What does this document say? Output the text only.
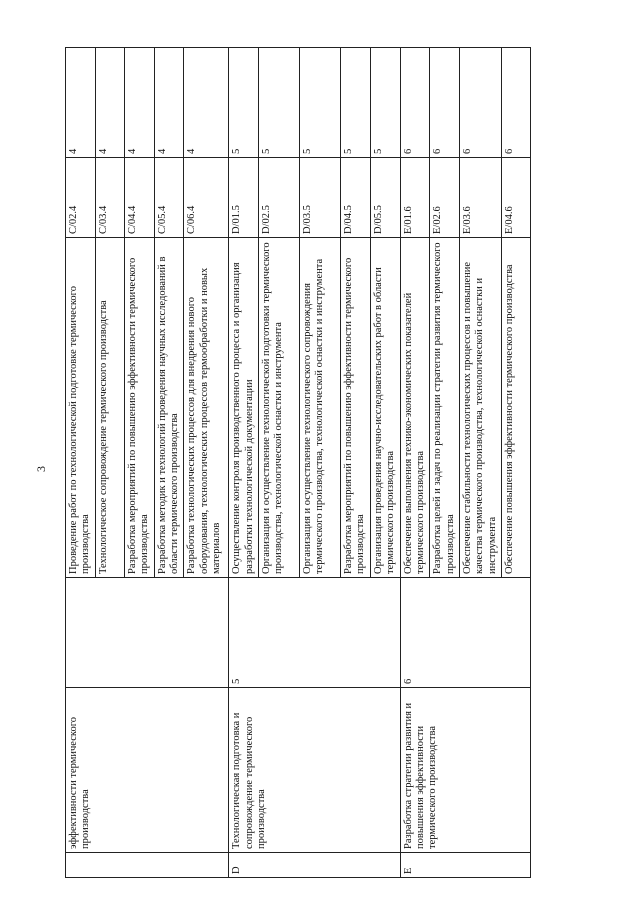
3
	эффективности термического производства		Проведение работ по технологической подготовке термического производства	C/02.4	4
			Технологическое сопровождение термического производства	C/03.4	4
			Разработка мероприятий по повышению эффективности термического производства	C/04.4	4
			Разработка методик и технологий проведения научных исследований в области термического производства	C/05.4	4
			Разработка технологических процессов для внедрения нового оборудования, технологических процессов термообработки и новых материалов	C/06.4	4
D	Технологическая подготовка и сопровождение термического производства	5	Осуществление контроля производственного процесса и организация разработки технологической документации	D/01.5	5
			Организация и осуществление технологической подготовки термического производства, технологической оснастки и инструмента	D/02.5	5
			Организация и осуществление технологического сопровождения термического производства, технологической оснастки и инструмента	D/03.5	5
			Разработка мероприятий по повышению эффективности термического производства	D/04.5	5
			Организация проведения научно-исследовательских работ в области термического производства	D/05.5	5
E	Разработка стратегии развития и повышения эффективности термического производства	6	Обеспечение выполнения технико-экономических показателей термического производства	E/01.6	6
			Разработка целей и задач по реализации стратегии развития термического производства	E/02.6	6
			Обеспечение стабильности технологических процессов и повышение качества термического производства, технологической оснастки и инструмента	E/03.6	6
			Обеспечение повышения эффективности термического производства	E/04.6	6
